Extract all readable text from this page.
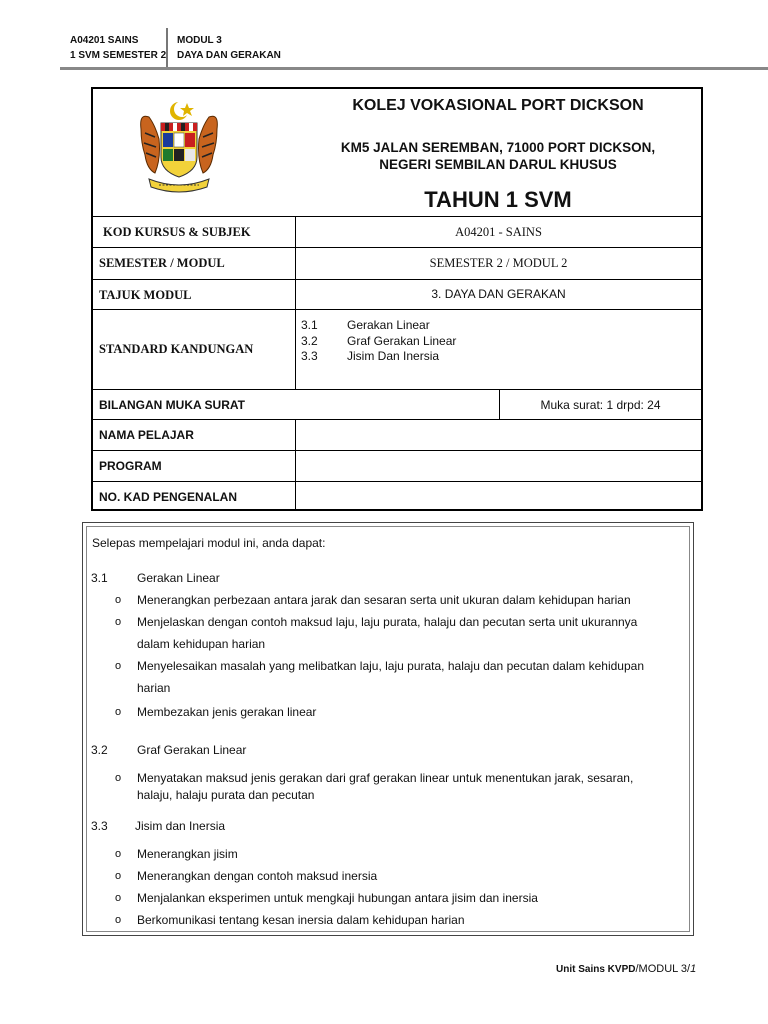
A04201 SAINS
1 SVM SEMESTER 2
MODUL 3
DAYA DAN GERAKAN
KOLEJ VOKASIONAL PORT DICKSON
KM5 JALAN SEREMBAN, 71000 PORT DICKSON,
NEGERI SEMBILAN DARUL KHUSUS
TAHUN 1 SVM
KOD KURSUS & SUBJEK	A04201 - SAINS
SEMESTER / MODUL	SEMESTER 2 / MODUL 2
TAJUK MODUL	3. DAYA DAN GERAKAN
STANDARD KANDUNGAN
3.1 Gerakan Linear
3.2 Graf Gerakan Linear
3.3 Jisim Dan Inersia
BILANGAN MUKA SURAT	Muka surat: 1 drpd: 24
NAMA PELAJAR
PROGRAM
NO. KAD PENGENALAN
Selepas mempelajari modul ini, anda dapat:
3.1 Gerakan Linear
o Menerangkan perbezaan antara jarak dan sesaran serta unit ukuran dalam kehidupan harian
o Menjelaskan dengan contoh maksud laju, laju purata, halaju dan pecutan serta unit ukurannya
dalam kehidupan harian
o Menyelesaikan masalah yang melibatkan laju, laju purata, halaju dan pecutan dalam kehidupan
harian
o Membezakan jenis gerakan linear
3.2 Graf Gerakan Linear
o Menyatakan maksud jenis gerakan dari graf gerakan linear untuk menentukan jarak, sesaran,
halaju, halaju purata dan pecutan
3.3 Jisim dan Inersia
o Menerangkan jisim
o Menerangkan dengan contoh maksud inersia
o Menjalankan eksperimen untuk mengkaji hubungan antara jisim dan inersia
o Berkomunikasi tentang kesan inersia dalam kehidupan harian
Unit Sains KVPD/MODUL 3/1
